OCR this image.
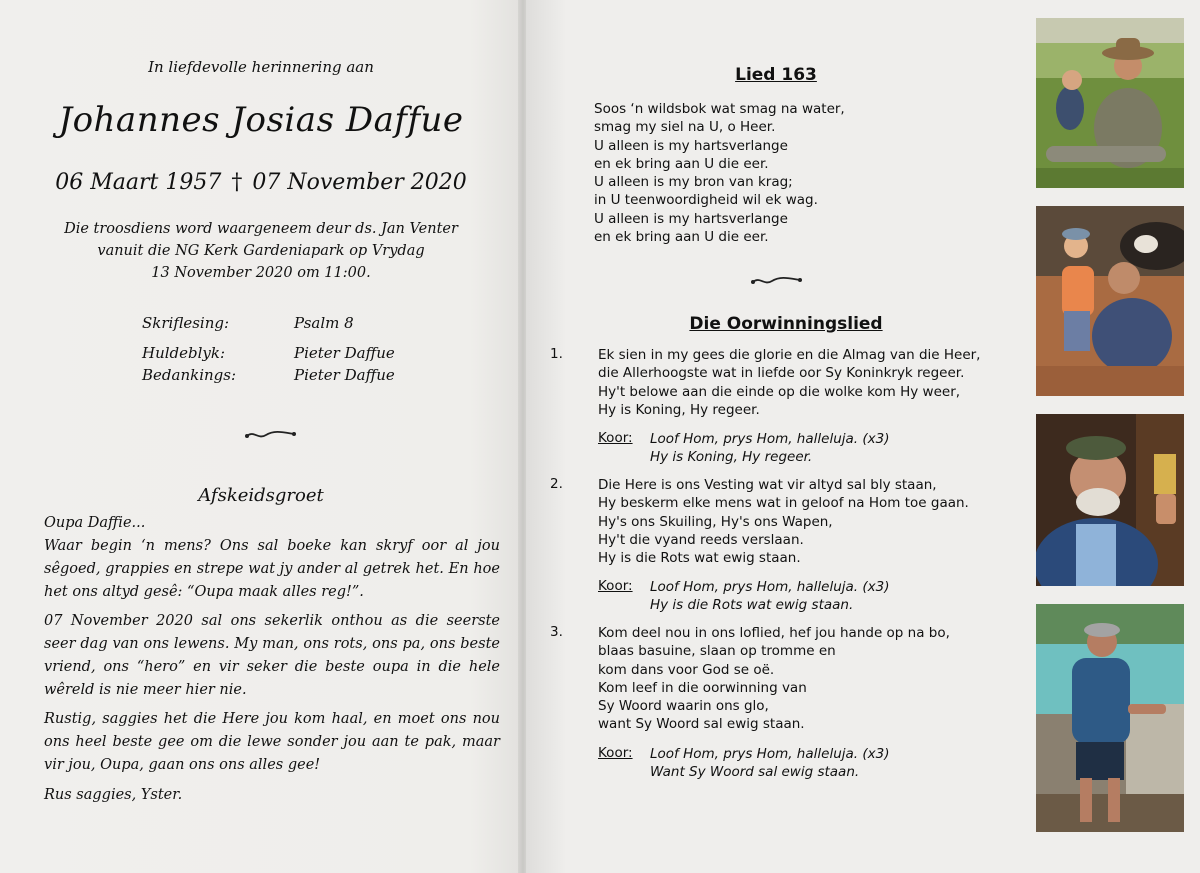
In liefdevolle herinnering aan
Johannes Josias Daffue
06 Maart 1957 † 07 November 2020
Die troosdiens word waargeneem deur ds. Jan Venter
vanuit die NG Kerk Gardeniapark op Vrydag
13 November 2020 om 11:00.
Skriflesing:	Psalm 8
Huldeblyk:	Pieter Daffue
Bedankings:	Pieter Daffue
Afskeidsgroet
Oupa Daffie...
Waar begin ‘n mens? Ons sal boeke kan skryf oor al jou sêgoed, grappies en strepe wat jy ander al getrek het. En hoe het ons altyd gesê: “Oupa maak alles reg!”.
07 November 2020 sal ons sekerlik onthou as die seerste seer dag van ons lewens. My man, ons rots, ons pa, ons beste vriend, ons “hero” en vir seker die beste oupa in die hele wêreld is nie meer hier nie.
Rustig, saggies het die Here jou kom haal, en moet ons nou ons heel beste gee om die lewe sonder jou aan te pak, maar vir jou, Oupa, gaan ons ons alles gee!
Rus saggies, Yster.
Lied 163
Soos ‘n wildsbok wat smag na water,
smag my siel na U, o Heer.
U alleen is my hartsverlange
en ek bring aan U die eer.
U alleen is my bron van krag;
in U teenwoordigheid wil ek wag.
U alleen is my hartsverlange
en ek bring aan U die eer.
Die Oorwinningslied
1.	Ek sien in my gees die glorie en die Almag van die Heer,
die Allerhoogste wat in liefde oor Sy Koninkryk regeer.
Hy't belowe aan die einde op die wolke kom Hy weer,
Hy is Koning, Hy regeer.
Koor: Loof Hom, prys Hom, halleluja. (x3)
Hy is Koning, Hy regeer.
2.	Die Here is ons Vesting wat vir altyd sal bly staan,
Hy beskerm elke mens wat in geloof na Hom toe gaan.
Hy's ons Skuiling, Hy's ons Wapen,
Hy't die vyand reeds verslaan.
Hy is die Rots wat ewig staan.
Koor: Loof Hom, prys Hom, halleluja. (x3)
Hy is die Rots wat ewig staan.
3.	Kom deel nou in ons loflied, hef jou hande op na bo,
blaas basuine, slaan op tromme en
kom dans voor God se oë.
Kom leef in die oorwinning van
Sy Woord waarin ons glo,
want Sy Woord sal ewig staan.
Koor: Loof Hom, prys Hom, halleluja. (x3)
Want Sy Woord sal ewig staan.
